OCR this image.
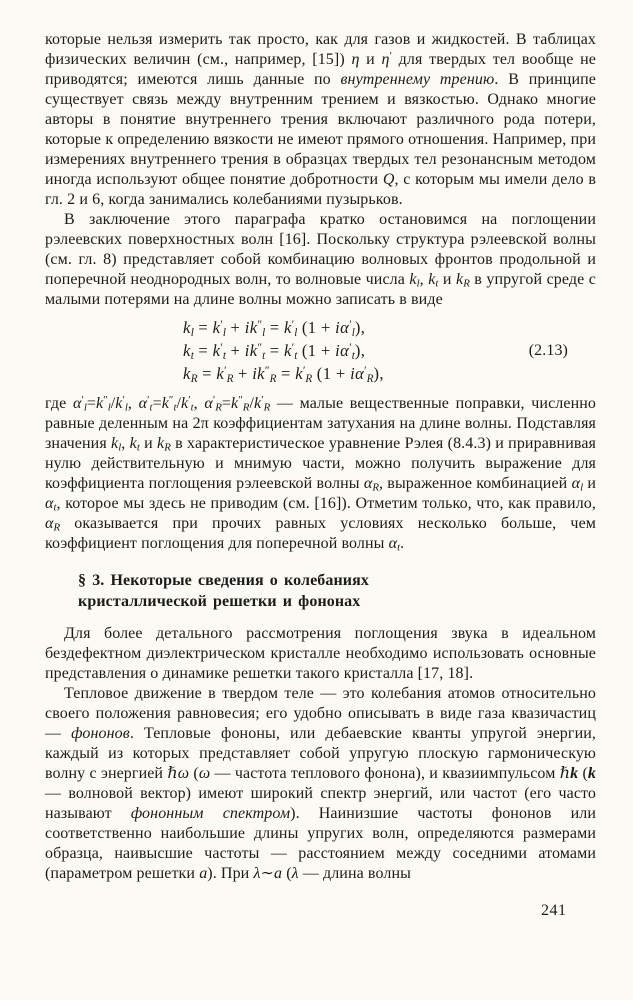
которые нельзя измерить так просто, как для газов и жидкостей. В таблицах физических величин (см., например, [15]) η и η′ для твердых тел вообще не приводятся; имеются лишь данные по внутреннему трению. В принципе существует связь между внутренним трением и вязкостью. Однако многие авторы в понятие внутреннего трения включают различного рода потери, которые к определению вязкости не имеют прямого отношения. Например, при измерениях внутреннего трения в образцах твердых тел резонансным методом иногда используют общее понятие добротности Q, с которым мы имели дело в гл. 2 и 6, когда занимались колебаниями пузырьков.

В заключение этого параграфа кратко остановимся на поглощении рэлеевских поверхностных волн [16]. Поскольку структура рэлеевской волны (см. гл. 8) представляет собой комбинацию волновых фронтов продольной и поперечной неоднородных волн, то волновые числа $k_l$, $k_t$ и $k_R$ в упругой среде с малыми потерями на длине волны можно записать в виде

$k_l = k'_l + ik''_l = k'_l$ $(1 + i\alpha'_l)$,
$k_t = k'_t + ik''_t = k'_t$ $(1 + i\alpha'_t)$,
$k_R = k'_R + ik''_R = k'_R$ $(1 + i\alpha'_R)$,
(2.13)

где $\alpha'_l=k''_l/k'_l$, $\alpha'_t=k''_t/k'_t$, $\alpha'_R=k''_R/k'_R$ — малые вещественные поправки, численно равные деленным на 2π коэффициентам затухания на длине волны. Подставляя значения $k_l$, $k_t$ и $k_R$ в характеристическое уравнение Рэлея (8.4.3) и приравнивая нулю действительную и мнимую части, можно получить выражение для коэффициента поглощения рэлеевской волны $\alpha_R$, выраженное комбинацией $\alpha_l$ и $\alpha_t$, которое мы здесь не приводим (см. [16]). Отметим только, что, как правило, $\alpha_R$ оказывается при прочих равных условиях несколько больше, чем коэффициент поглощения для поперечной волны $\alpha_t$.

§ 3. Некоторые сведения о колебаниях
кристаллической решетки и фононах

Для более детального рассмотрения поглощения звука в идеальном бездефектном диэлектрическом кристалле необходимо использовать основные представления о динамике решетки такого кристалла [17, 18].

Тепловое движение в твердом теле — это колебания атомов относительно своего положения равновесия; его удобно описывать в виде газа квазичастиц — фононов. Тепловые фононы, или дебаевские кванты упругой энергии, каждый из которых представляет собой упругую плоскую гармоническую волну с энергией ℏω (ω — частота теплового фонона), и квазиимпульсом ℏk (k — волновой вектор) имеют широкий спектр энергий, или частот (его часто называют фононным спектром). Наинизшие частоты фононов или соответственно наибольшие длины упругих волн, определяются размерами образца, наивысшие частоты — расстоянием между соседними атомами (параметром решетки a). При λ∼a (λ — длина волны

241
